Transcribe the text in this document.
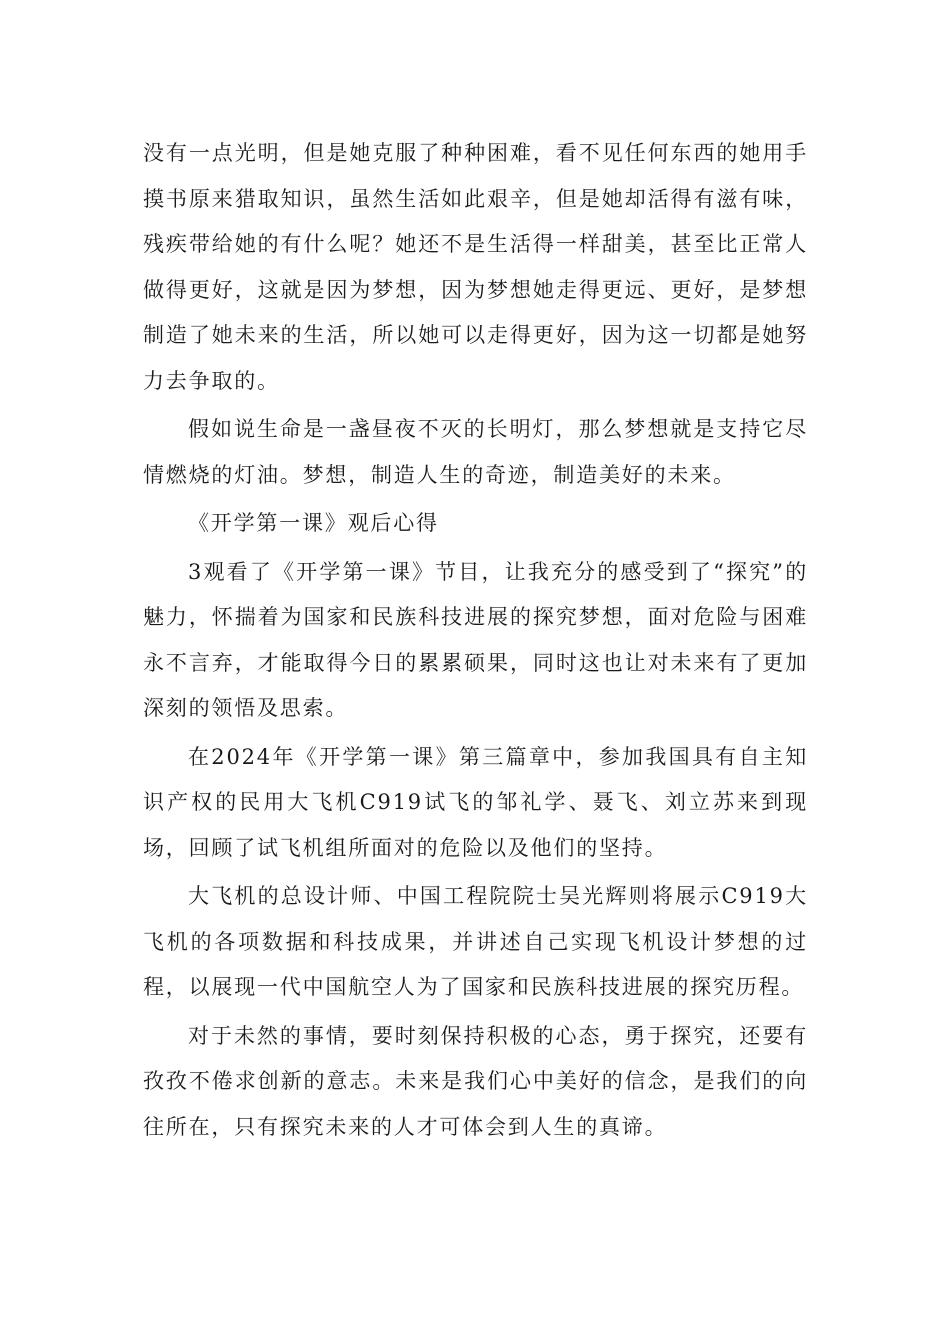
没有一点光明，但是她克服了种种困难，看不见任何东西的她用手摸书原来猎取知识，虽然生活如此艰辛，但是她却活得有滋有味，残疾带给她的有什么呢？她还不是生活得一样甜美，甚至比正常人做得更好，这就是因为梦想，因为梦想她走得更远、更好，是梦想制造了她未来的生活，所以她可以走得更好，因为这一切都是她努力去争取的。

假如说生命是一盏昼夜不灭的长明灯，那么梦想就是支持它尽情燃烧的灯油。梦想，制造人生的奇迹，制造美好的未来。

《开学第一课》观后心得

3观看了《开学第一课》节目，让我充分的感受到了“探究”的魅力，怀揣着为国家和民族科技进展的探究梦想，面对危险与困难永不言弃，才能取得今日的累累硕果，同时这也让对未来有了更加深刻的领悟及思索。

在2024年《开学第一课》第三篇章中，参加我国具有自主知识产权的民用大飞机C919试飞的邹礼学、聂飞、刘立苏来到现场，回顾了试飞机组所面对的危险以及他们的坚持。

大飞机的总设计师、中国工程院院士吴光辉则将展示C919大飞机的各项数据和科技成果，并讲述自己实现飞机设计梦想的过程，以展现一代中国航空人为了国家和民族科技进展的探究历程。

对于未然的事情，要时刻保持积极的心态，勇于探究，还要有孜孜不倦求创新的意志。未来是我们心中美好的信念，是我们的向往所在，只有探究未来的人才可体会到人生的真谛。
